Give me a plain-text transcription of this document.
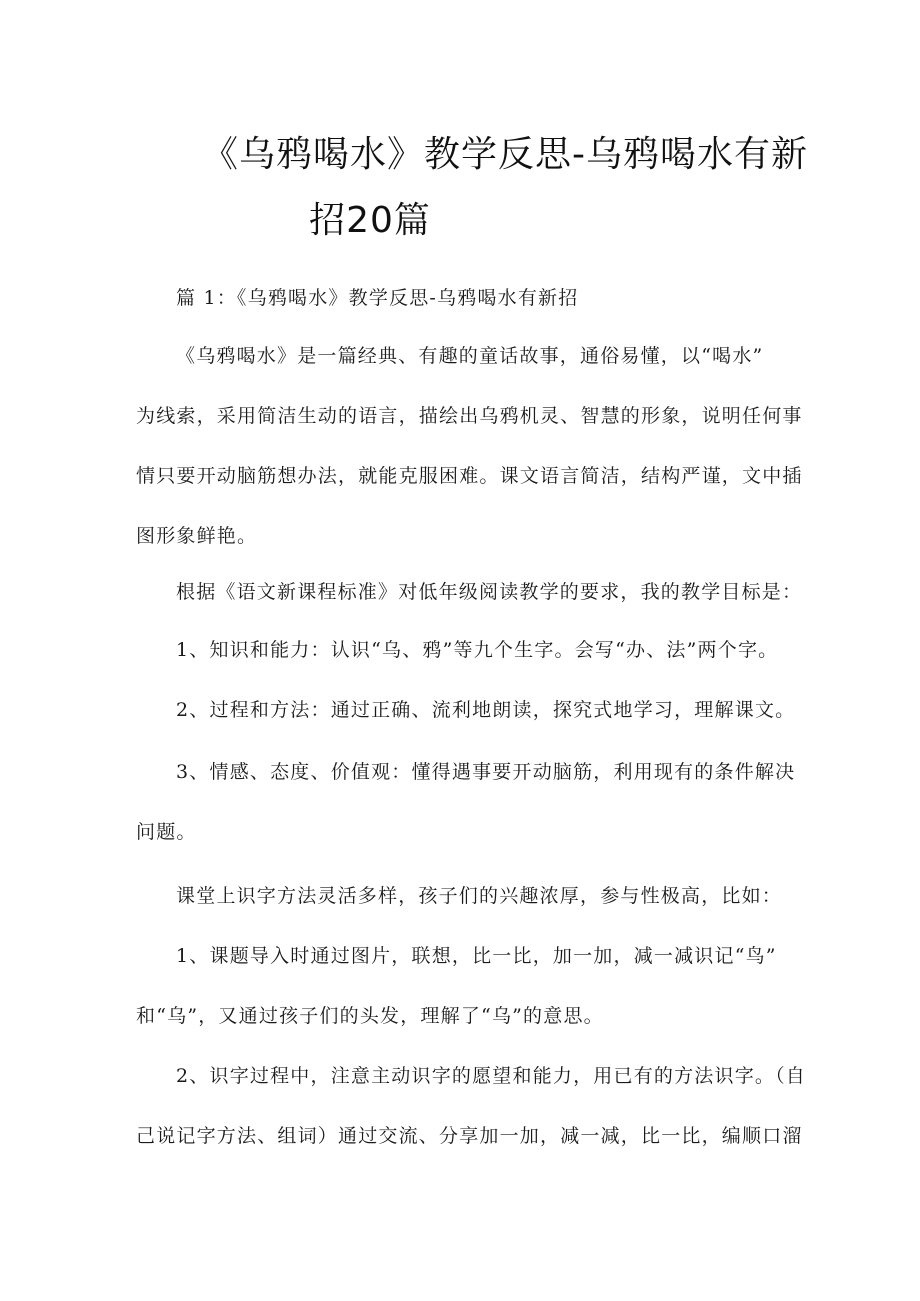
《乌鸦喝水》教学反思-乌鸦喝水有新
招20篇
篇 1：《乌鸦喝水》教学反思-乌鸦喝水有新招
《乌鸦喝水》是一篇经典、有趣的童话故事，通俗易懂，以“喝水”
为线索，采用简洁生动的语言，描绘出乌鸦机灵、智慧的形象，说明任何事
情只要开动脑筋想办法，就能克服困难。课文语言简洁，结构严谨，文中插
图形象鲜艳。
根据《语文新课程标准》对低年级阅读教学的要求，我的教学目标是：
1、知识和能力：认识“乌、鸦”等九个生字。会写“办、法”两个字。
2、过程和方法：通过正确、流利地朗读，探究式地学习，理解课文。
3、情感、态度、价值观：懂得遇事要开动脑筋，利用现有的条件解决
问题。
课堂上识字方法灵活多样，孩子们的兴趣浓厚，参与性极高，比如：
1、课题导入时通过图片，联想，比一比，加一加，减一减识记“鸟”
和“乌”，又通过孩子们的头发，理解了“乌”的意思。
2、识字过程中，注意主动识字的愿望和能力，用已有的方法识字。（自
己说记字方法、组词）通过交流、分享加一加，减一减，比一比，编顺口溜
